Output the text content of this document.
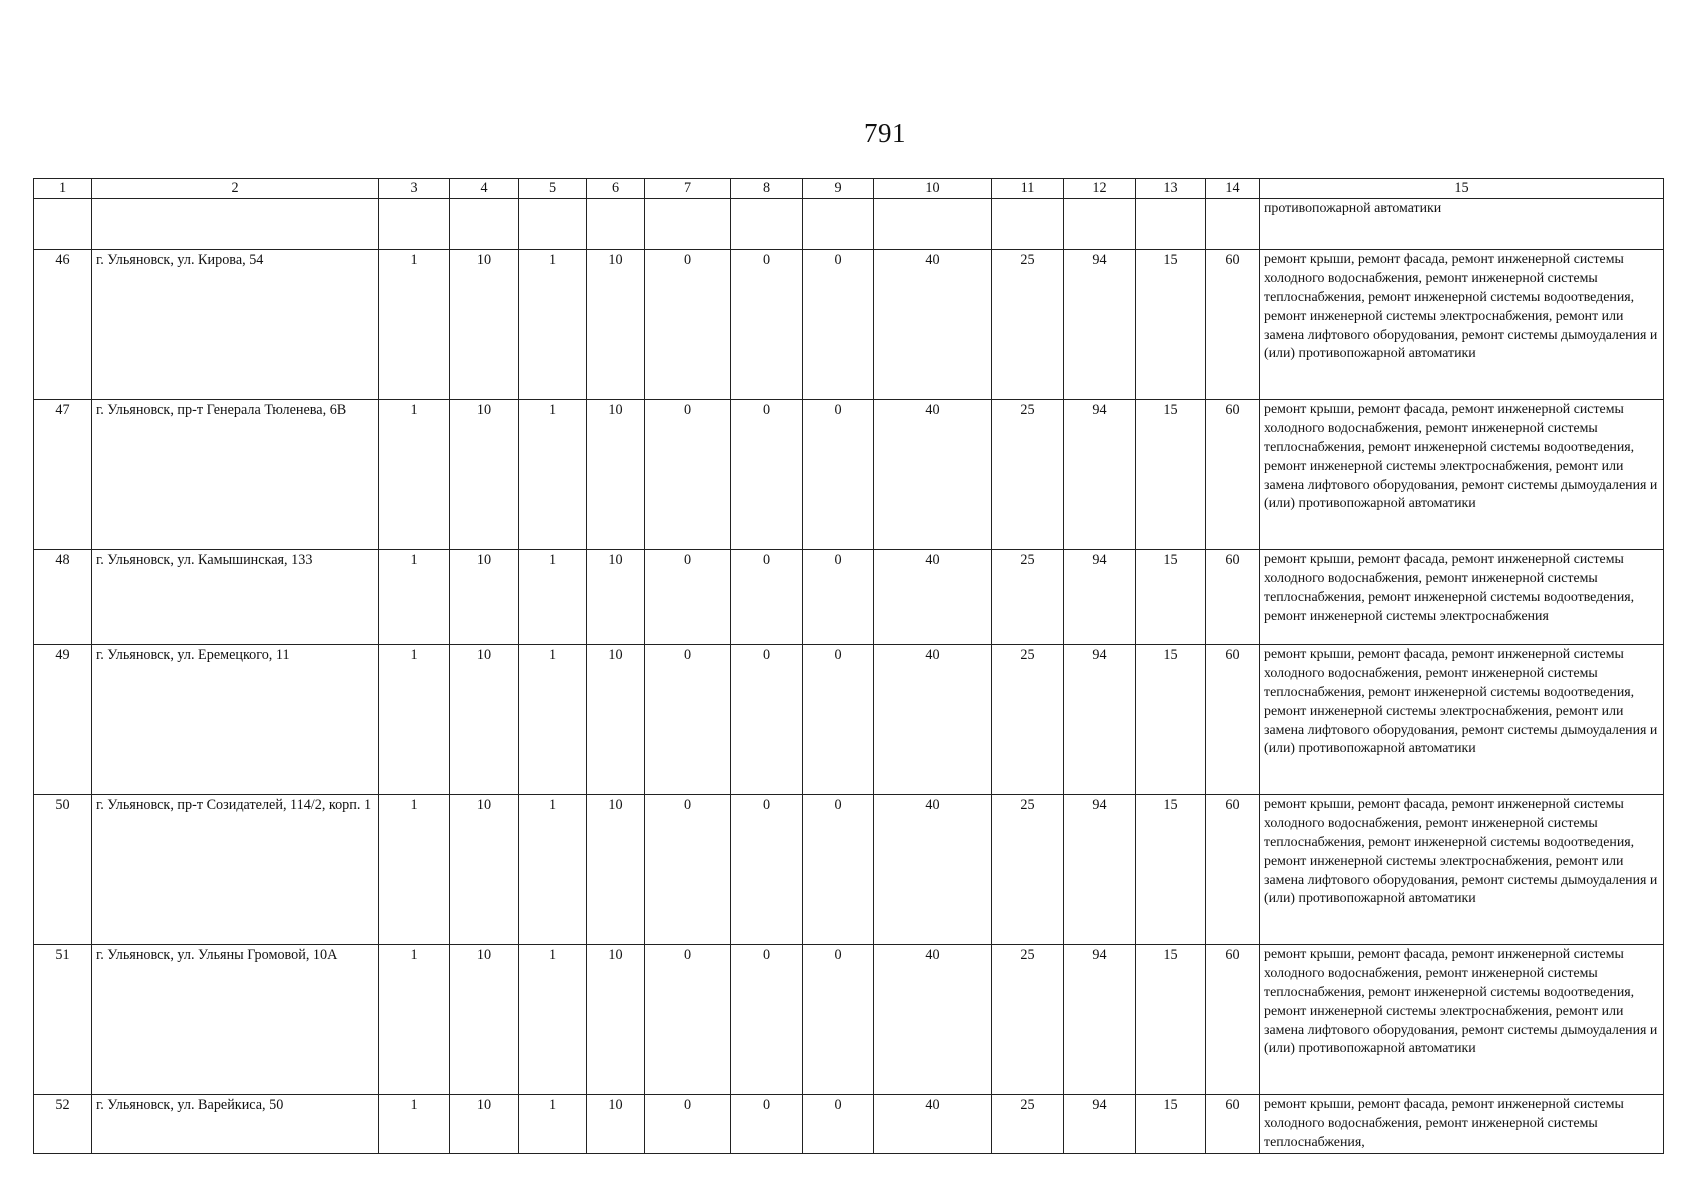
791
1	2	3	4	5	6	7	8	9	10	11	12	13	14	15
														противопожарной автоматики
46	г. Ульяновск, ул. Кирова, 54	1	10	1	10	0	0	0	40	25	94	15	60	ремонт крыши, ремонт фасада, ремонт инженерной системы холодного водоснабжения, ремонт инженерной системы теплоснабжения, ремонт инженерной системы водоотведения, ремонт инженерной системы электроснабжения, ремонт или замена лифтового оборудования, ремонт системы дымоудаления и (или) противопожарной автоматики
47	г. Ульяновск, пр-т Генерала Тюленева, 6В	1	10	1	10	0	0	0	40	25	94	15	60	ремонт крыши, ремонт фасада, ремонт инженерной системы холодного водоснабжения, ремонт инженерной системы теплоснабжения, ремонт инженерной системы водоотведения, ремонт инженерной системы электроснабжения, ремонт или замена лифтового оборудования, ремонт системы дымоудаления и (или) противопожарной автоматики
48	г. Ульяновск, ул. Камышинская, 133	1	10	1	10	0	0	0	40	25	94	15	60	ремонт крыши, ремонт фасада, ремонт инженерной системы холодного водоснабжения, ремонт инженерной системы теплоснабжения, ремонт инженерной системы водоотведения, ремонт инженерной системы электроснабжения
49	г. Ульяновск, ул. Еремецкого, 11	1	10	1	10	0	0	0	40	25	94	15	60	ремонт крыши, ремонт фасада, ремонт инженерной системы холодного водоснабжения, ремонт инженерной системы теплоснабжения, ремонт инженерной системы водоотведения, ремонт инженерной системы электроснабжения, ремонт или замена лифтового оборудования, ремонт системы дымоудаления и (или) противопожарной автоматики
50	г. Ульяновск, пр-т Созидателей, 114/2, корп. 1	1	10	1	10	0	0	0	40	25	94	15	60	ремонт крыши, ремонт фасада, ремонт инженерной системы холодного водоснабжения, ремонт инженерной системы теплоснабжения, ремонт инженерной системы водоотведения, ремонт инженерной системы электроснабжения, ремонт или замена лифтового оборудования, ремонт системы дымоудаления и (или) противопожарной автоматики
51	г. Ульяновск, ул. Ульяны Громовой, 10А	1	10	1	10	0	0	0	40	25	94	15	60	ремонт крыши, ремонт фасада, ремонт инженерной системы холодного водоснабжения, ремонт инженерной системы теплоснабжения, ремонт инженерной системы водоотведения, ремонт инженерной системы электроснабжения, ремонт или замена лифтового оборудования, ремонт системы дымоудаления и (или) противопожарной автоматики
52	г. Ульяновск, ул. Варейкиса, 50	1	10	1	10	0	0	0	40	25	94	15	60	ремонт крыши, ремонт фасада, ремонт инженерной системы холодного водоснабжения, ремонт инженерной системы теплоснабжения,
